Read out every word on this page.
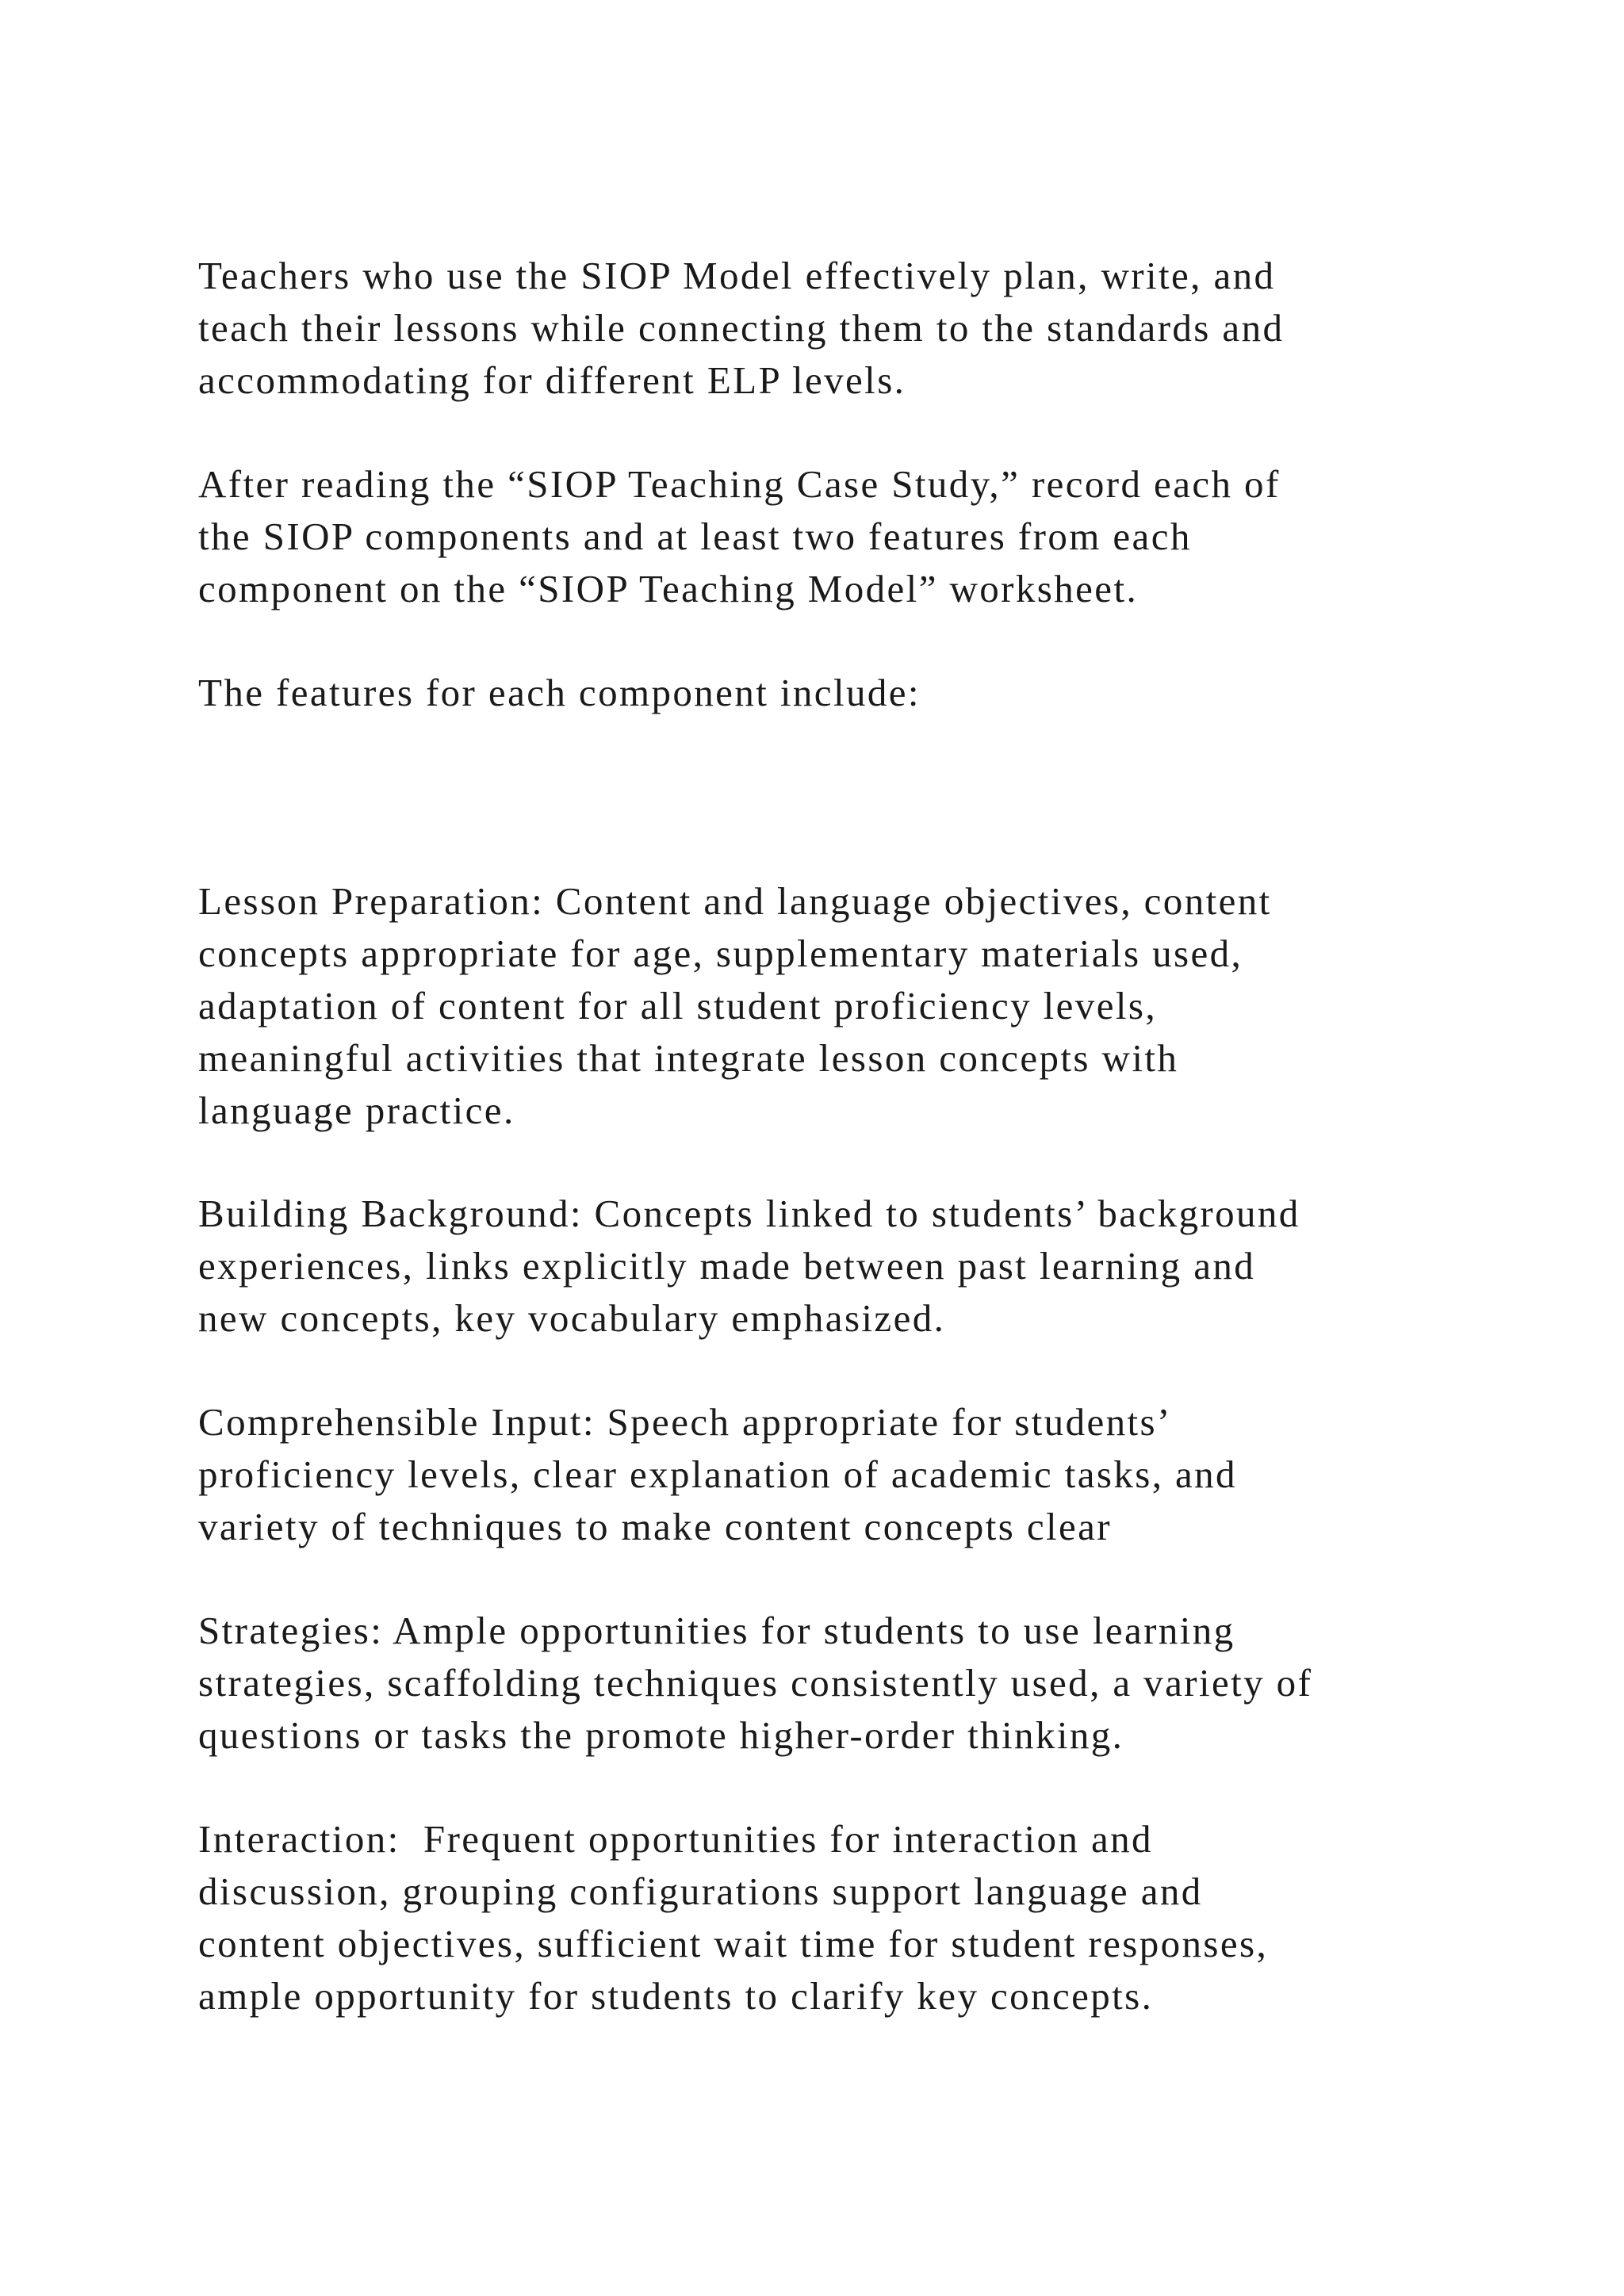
Teachers who use the SIOP Model effectively plan, write, and
teach their lessons while connecting them to the standards and
accommodating for different ELP levels.

After reading the “SIOP Teaching Case Study,” record each of
the SIOP components and at least two features from each
component on the “SIOP Teaching Model” worksheet.

The features for each component include:

Lesson Preparation: Content and language objectives, content
concepts appropriate for age, supplementary materials used,
adaptation of content for all student proficiency levels,
meaningful activities that integrate lesson concepts with
language practice.

Building Background: Concepts linked to students’ background
experiences, links explicitly made between past learning and
new concepts, key vocabulary emphasized.

Comprehensible Input: Speech appropriate for students’
proficiency levels, clear explanation of academic tasks, and
variety of techniques to make content concepts clear

Strategies: Ample opportunities for students to use learning
strategies, scaffolding techniques consistently used, a variety of
questions or tasks the promote higher-order thinking.

Interaction:  Frequent opportunities for interaction and
discussion, grouping configurations support language and
content objectives, sufficient wait time for student responses,
ample opportunity for students to clarify key concepts.
